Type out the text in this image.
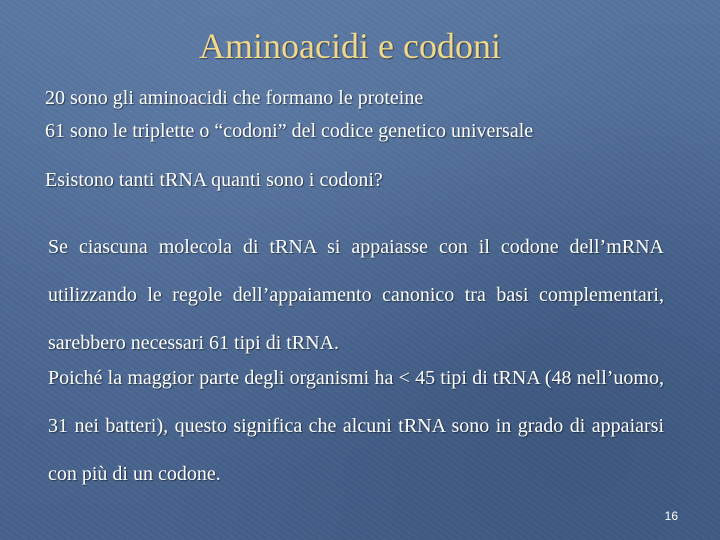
Aminoacidi e codoni
20 sono gli aminoacidi che formano le proteine
61 sono le triplette o “codoni” del codice genetico universale
Esistono tanti tRNA quanti sono i codoni?
Se ciascuna molecola di tRNA si appaiasse con il codone dell’mRNA utilizzando le regole dell’appaiamento canonico tra basi complementari, sarebbero necessari 61 tipi di tRNA.
Poiché la maggior parte degli organismi ha < 45 tipi di tRNA (48 nell’uomo, 31 nei batteri), questo significa che alcuni tRNA sono in grado di appaiarsi con più di un codone.
16
